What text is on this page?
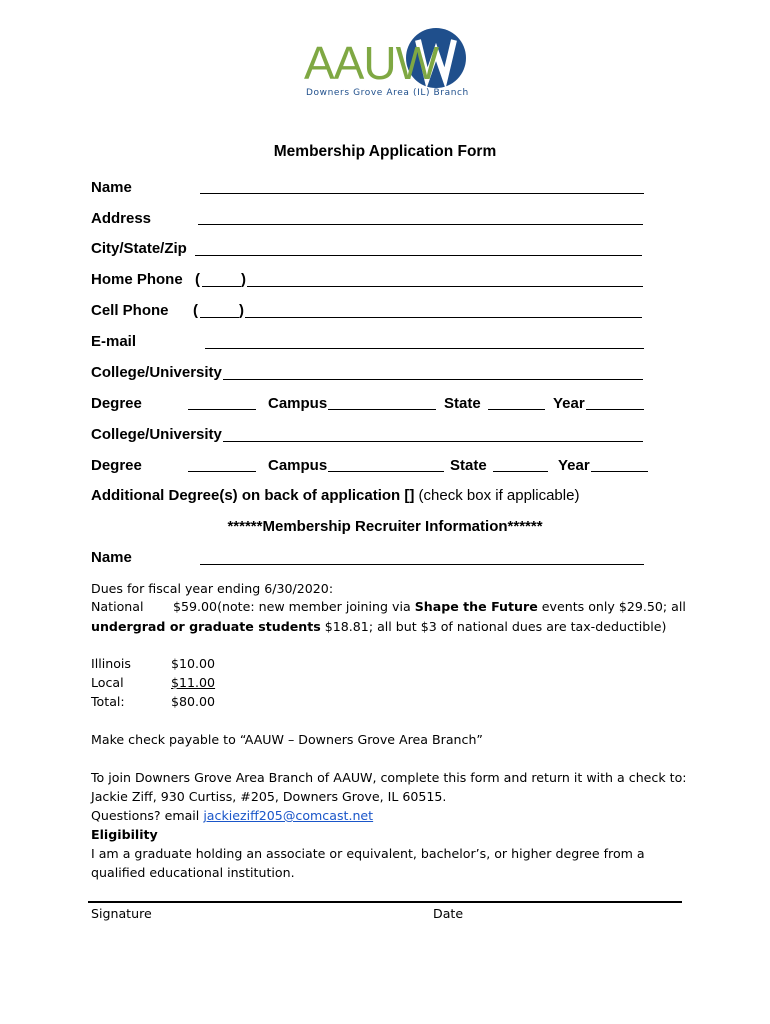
AAUW
Downers Grove Area (IL) Branch
Membership Application Form
Name
Address
City/State/Zip
Home Phone (	)
Cell Phone (	)
E-mail
College/University
Degree	Campus	State	Year
College/University
Degree	Campus	State	Year
Additional Degree(s) on back of application [] (check box if applicable)
******Membership Recruiter Information******
Name
Dues for fiscal year ending 6/30/2020:
National $59.00(note: new member joining via Shape the Future events only $29.50; all
undergrad or graduate students $18.81; all but $3 of national dues are tax-deductible)
Illinois	$10.00
Local	$11.00
Total:	$80.00
Make check payable to “AAUW – Downers Grove Area Branch”
To join Downers Grove Area Branch of AAUW, complete this form and return it with a check to:
Jackie Ziff, 930 Curtiss, #205, Downers Grove, IL 60515.
Questions? email jackieziff205@comcast.net
Eligibility
I am a graduate holding an associate or equivalent, bachelor’s, or higher degree from a
qualified educational institution.
Signature	Date
